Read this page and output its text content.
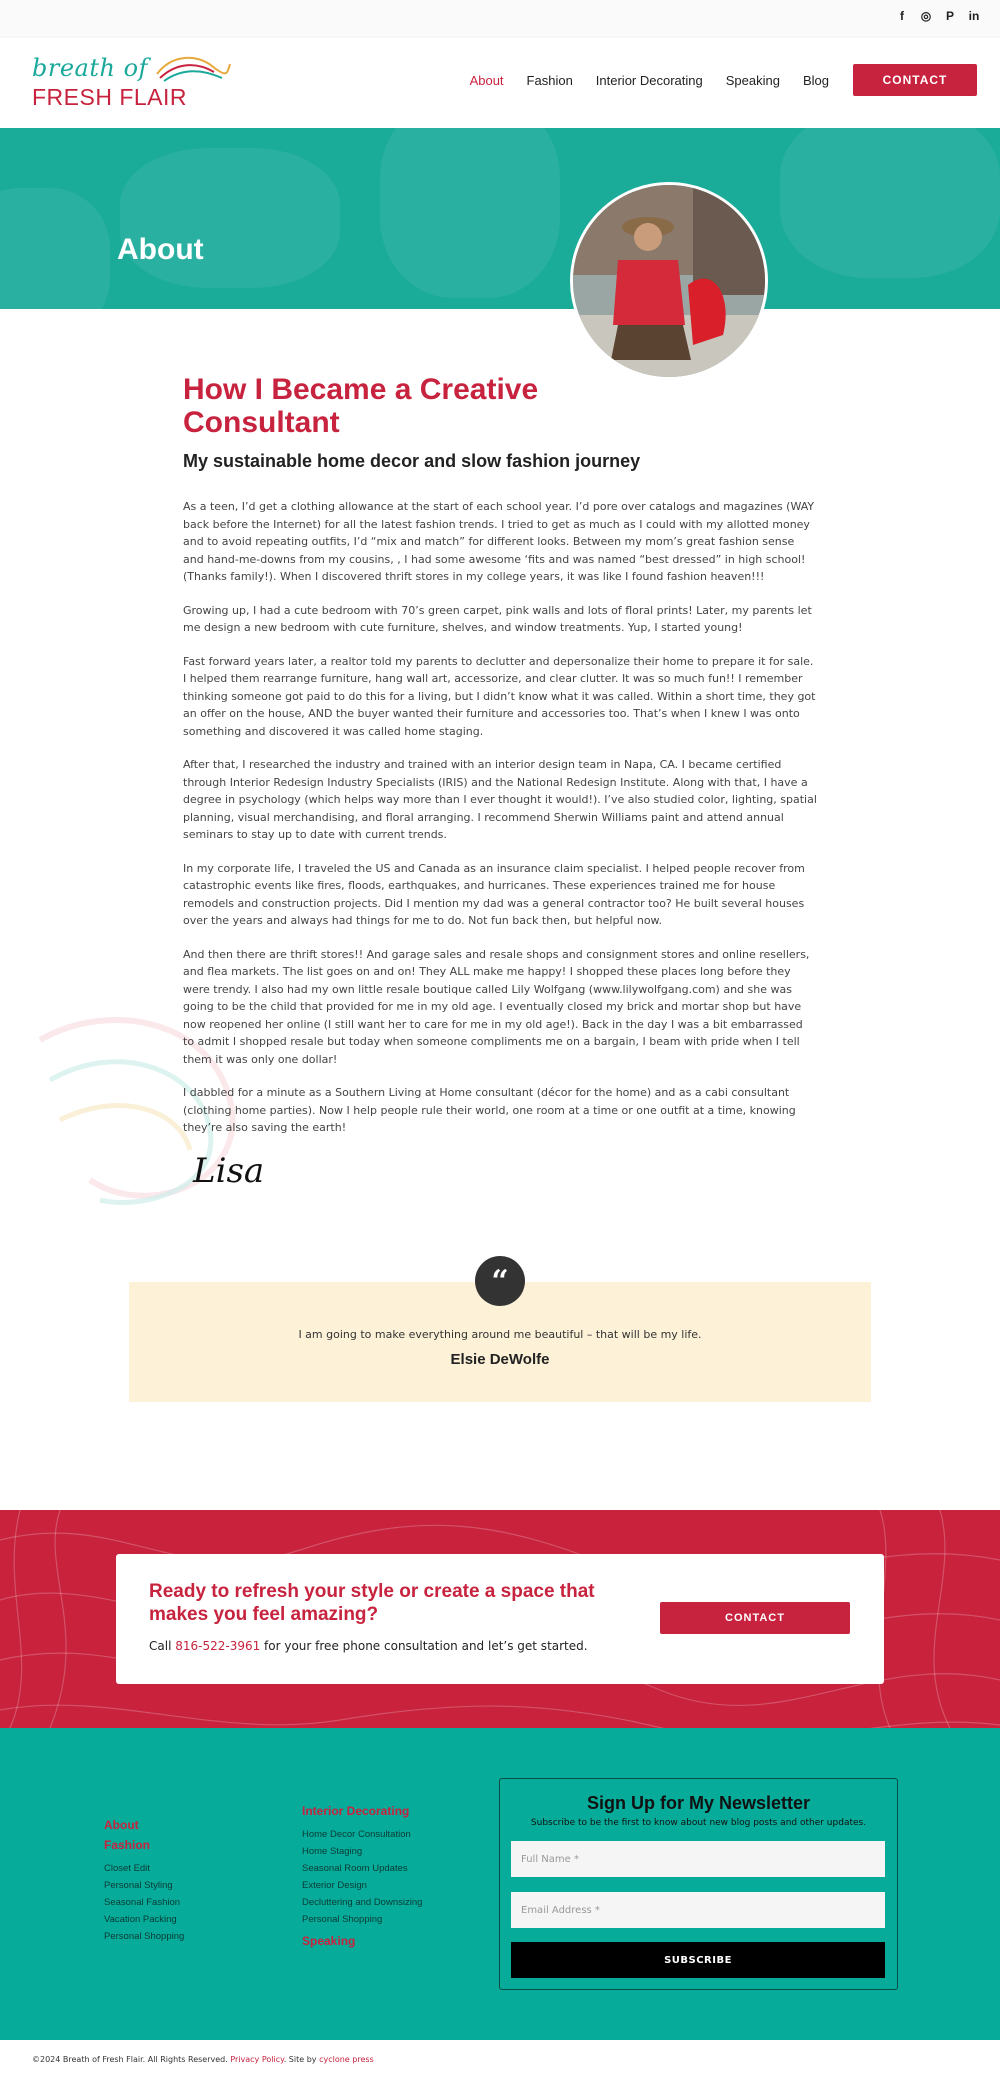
f	◎ P in
breath of
FRESH FLAIR
About Fashion Interior Decorating Speaking Blog	CONTACT
About
How I Became a Creative Consultant
My sustainable home decor and slow fashion journey

As a teen, I’d get a clothing allowance at the start of each school year. I’d pore over catalogs and magazines (WAY back before the Internet) for all the latest fashion trends. I tried to get as much as I could with my allotted money and to avoid repeating outfits, I’d “mix and match” for different looks. Between my mom’s great fashion sense and hand-me-downs from my cousins, , I had some awesome ‘fits and was named “best dressed” in high school! (Thanks family!). When I discovered thrift stores in my college years, it was like I found fashion heaven!!!

Growing up, I had a cute bedroom with 70’s green carpet, pink walls and lots of floral prints! Later, my parents let me design a new bedroom with cute furniture, shelves, and window treatments. Yup, I started young!

Fast forward years later, a realtor told my parents to declutter and depersonalize their home to prepare it for sale. I helped them rearrange furniture, hang wall art, accessorize, and clear clutter. It was so much fun!! I remember thinking someone got paid to do this for a living, but I didn’t know what it was called. Within a short time, they got an offer on the house, AND the buyer wanted their furniture and accessories too. That’s when I knew I was onto something and discovered it was called home staging.

After that, I researched the industry and trained with an interior design team in Napa, CA. I became certified through Interior Redesign Industry Specialists (IRIS) and the National Redesign Institute. Along with that, I have a degree in psychology (which helps way more than I ever thought it would!). I’ve also studied color, lighting, spatial planning, visual merchandising, and floral arranging. I recommend Sherwin Williams paint and attend annual seminars to stay up to date with current trends.

In my corporate life, I traveled the US and Canada as an insurance claim specialist. I helped people recover from catastrophic events like fires, floods, earthquakes, and hurricanes. These experiences trained me for house remodels and construction projects. Did I mention my dad was a general contractor too? He built several houses over the years and always had things for me to do. Not fun back then, but helpful now.

And then there are thrift stores!! And garage sales and resale shops and consignment stores and online resellers, and flea markets. The list goes on and on! They ALL make me happy! I shopped these places long before they were trendy. I also had my own little resale boutique called Lily Wolfgang (www.lilywolfgang.com) and she was going to be the child that provided for me in my old age. I eventually closed my brick and mortar shop but have now reopened her online (I still want her to care for me in my old age!). Back in the day I was a bit embarrassed to admit I shopped resale but today when someone compliments me on a bargain, I beam with pride when I tell them it was only one dollar!

I dabbled for a minute as a Southern Living at Home consultant (décor for the home) and as a cabi consultant (clothing home parties). Now I help people rule their world, one room at a time or one outfit at a time, knowing they’re also saving the earth!

Lisa
“
I am going to make everything around me beautiful – that will be my life.
Elsie DeWolfe
Ready to refresh your style or create a space that makes you feel amazing?
Call 816-522-3961 for your free phone consultation and let’s get started.
CONTACT
About
Fashion
Closet Edit
Personal Styling
Seasonal Fashion
Vacation Packing
Personal Shopping
Interior Decorating
Home Decor Consultation
Home Staging
Seasonal Room Updates
Exterior Design
Decluttering and Downsizing
Personal Shopping
Speaking
Sign Up for My Newsletter
Subscribe to be the first to know about new blog posts and other updates.
Full Name *
Email Address *
SUBSCRIBE
©2024 Breath of Fresh Flair. All Rights Reserved. Privacy Policy. Site by cyclone press
